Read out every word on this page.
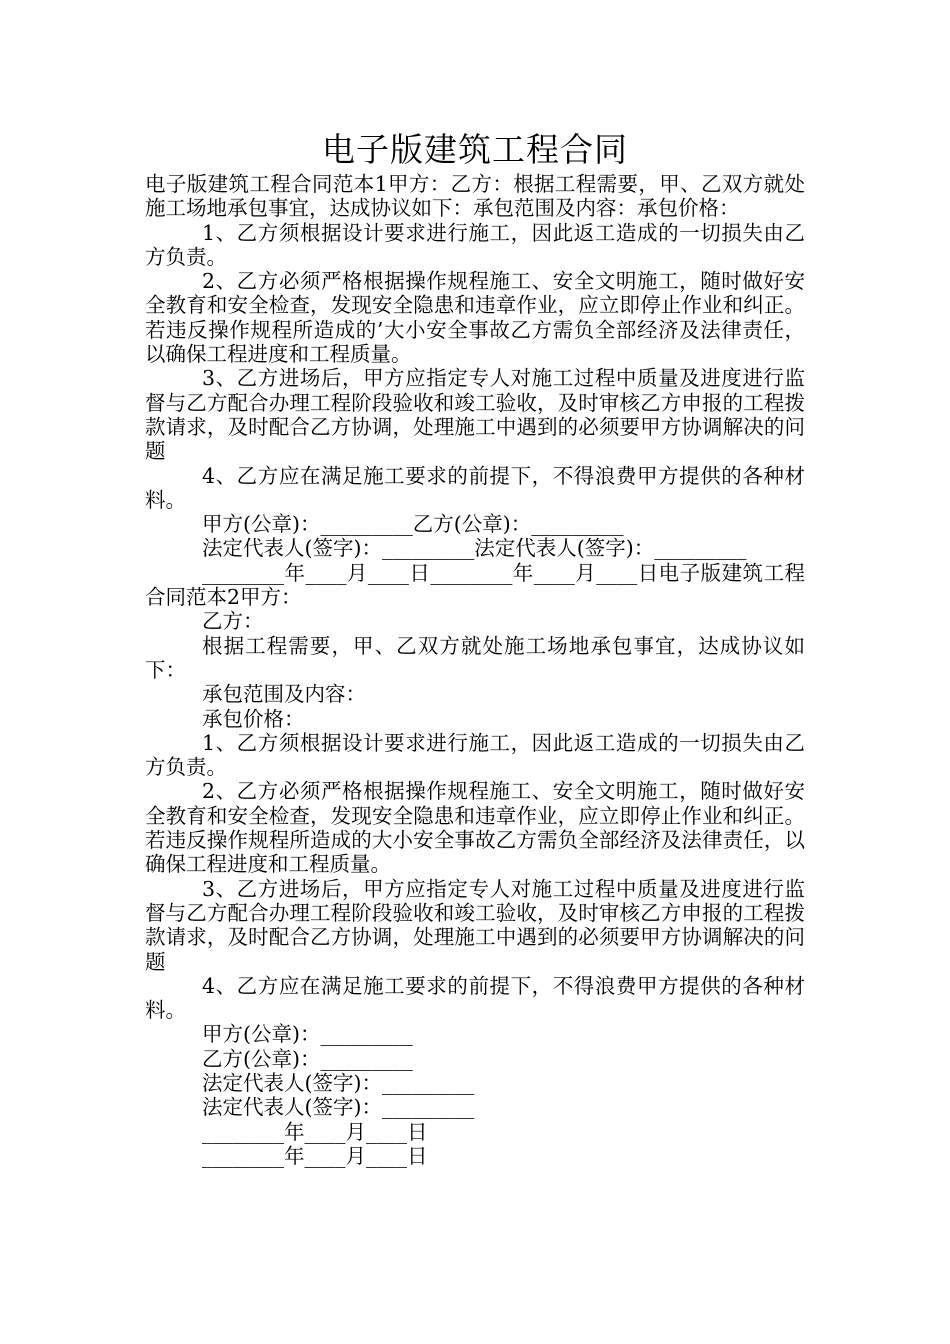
电子版建筑工程合同

电子版建筑工程合同范本1甲方：乙方：根据工程需要，甲、乙双方就处施工场地承包事宜，达成协议如下：承包范围及内容：承包价格：

1、乙方须根据设计要求进行施工，因此返工造成的一切损失由乙方负责。

2、乙方必须严格根据操作规程施工、安全文明施工，随时做好安全教育和安全检查，发现安全隐患和违章作业，应立即停止作业和纠正。若违反操作规程所造成的’大小安全事故乙方需负全部经济及法律责任，以确保工程进度和工程质量。

3、乙方进场后，甲方应指定专人对施工过程中质量及进度进行监督与乙方配合办理工程阶段验收和竣工验收，及时审核乙方申报的工程拨款请求，及时配合乙方协调，处理施工中遇到的必须要甲方协调解决的问题

4、乙方应在满足施工要求的前提下，不得浪费甲方提供的各种材料。

甲方(公章)：_________乙方(公章)：_________

法定代表人(签字)：_________法定代表人(签字)：_________

________年____月____日________年____月____日电子版建筑工程合同范本2甲方：

乙方：

根据工程需要，甲、乙双方就处施工场地承包事宜，达成协议如下：

承包范围及内容：

承包价格：

1、乙方须根据设计要求进行施工，因此返工造成的一切损失由乙方负责。

2、乙方必须严格根据操作规程施工、安全文明施工，随时做好安全教育和安全检查，发现安全隐患和违章作业，应立即停止作业和纠正。若违反操作规程所造成的大小安全事故乙方需负全部经济及法律责任，以确保工程进度和工程质量。

3、乙方进场后，甲方应指定专人对施工过程中质量及进度进行监督与乙方配合办理工程阶段验收和竣工验收，及时审核乙方申报的工程拨款请求，及时配合乙方协调，处理施工中遇到的必须要甲方协调解决的问题

4、乙方应在满足施工要求的前提下，不得浪费甲方提供的各种材料。

甲方(公章)：_________

乙方(公章)：_________

法定代表人(签字)：_________

法定代表人(签字)：_________

________年____月____日

________年____月____日
